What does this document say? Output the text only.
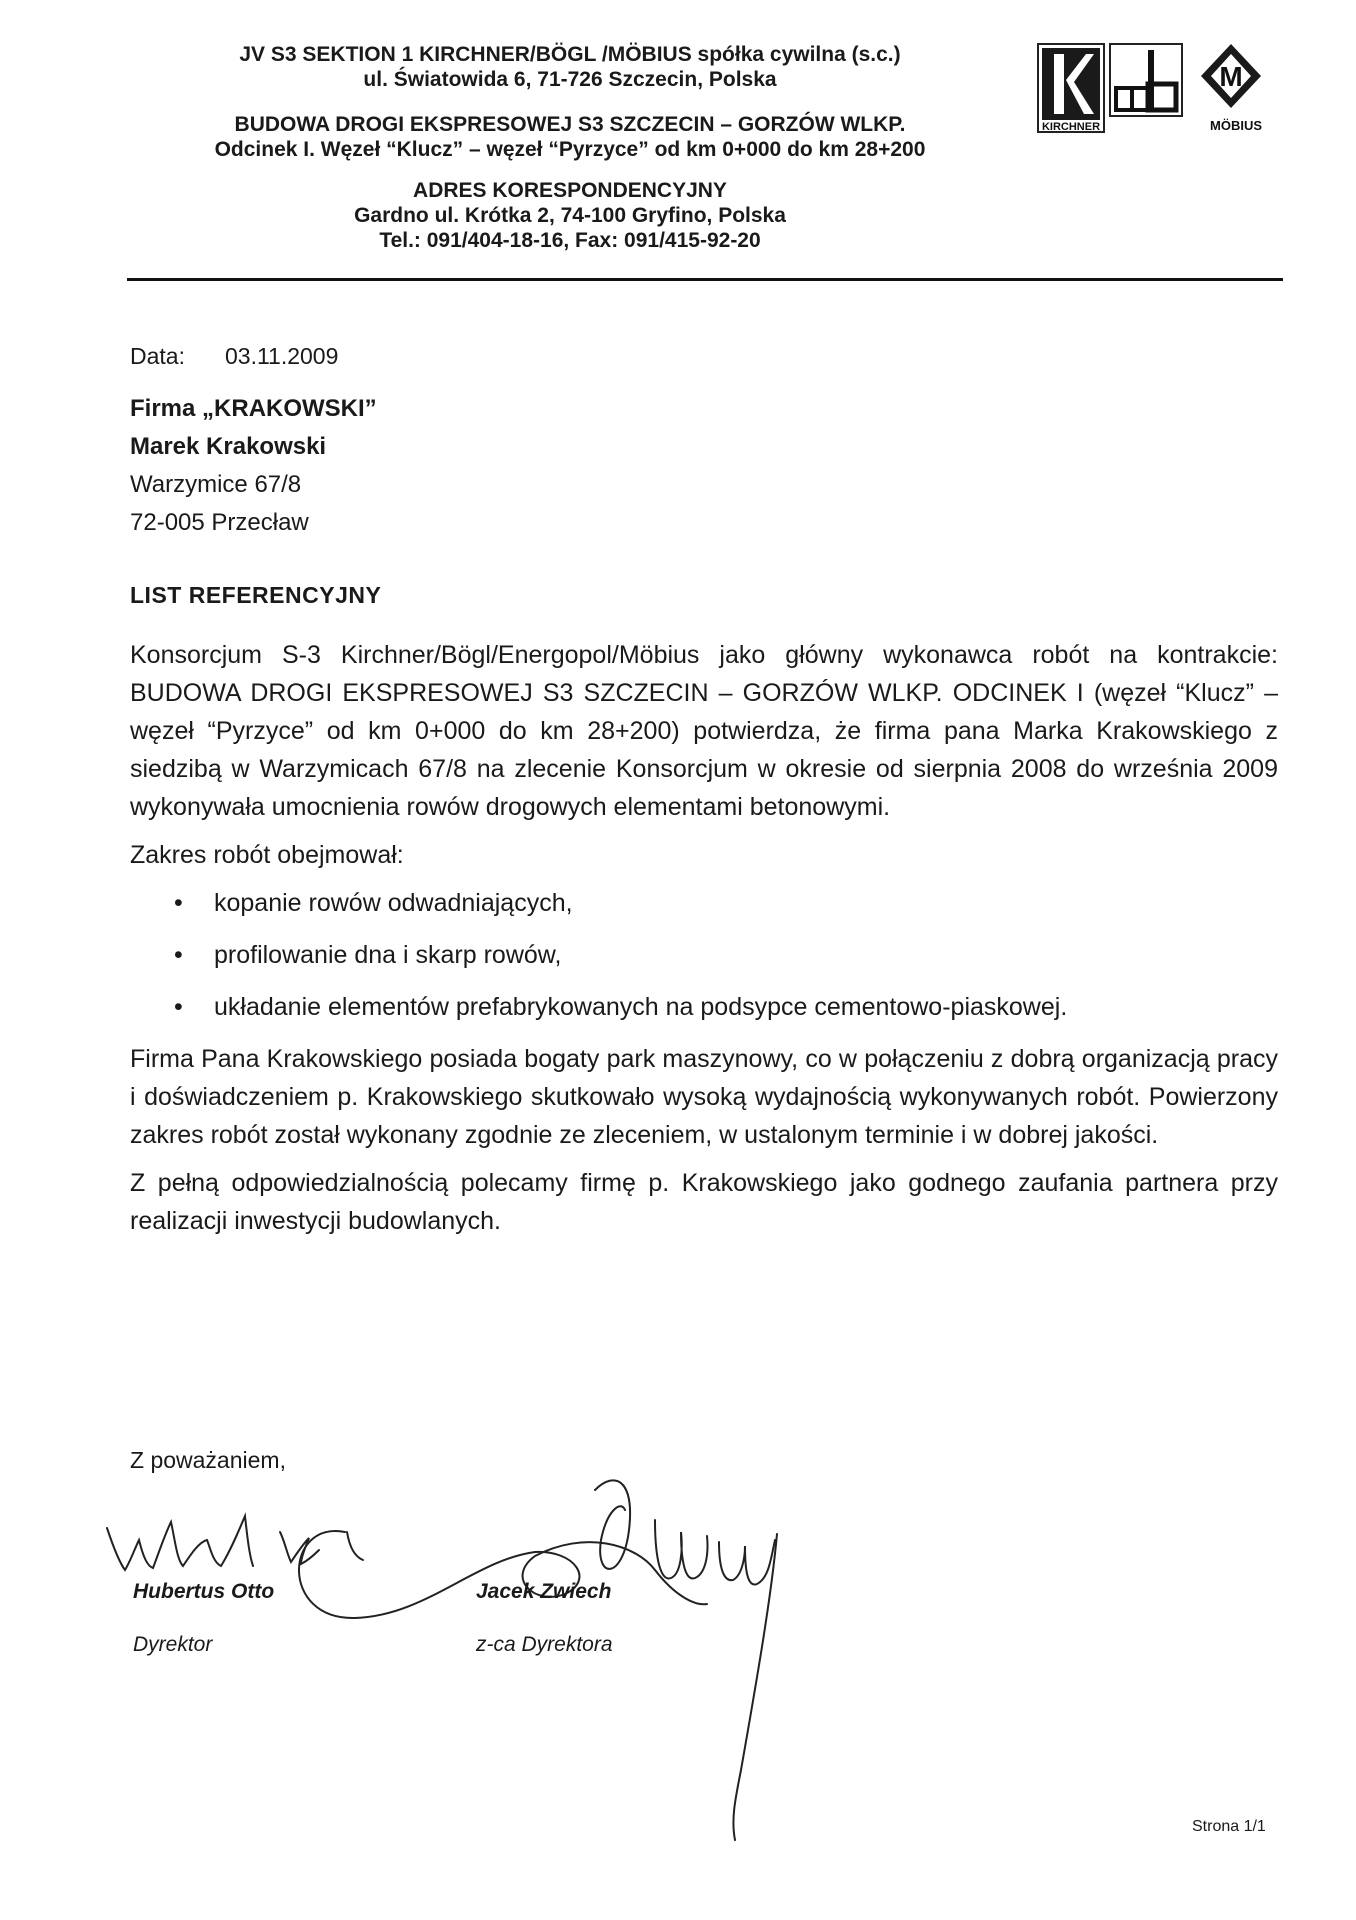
JV S3 SEKTION 1 KIRCHNER/BÖGL /MÖBIUS spółka cywilna (s.c.)
ul. Światowida 6, 71-726 Szczecin, Polska
BUDOWA DROGI EKSPRESOWEJ S3 SZCZECIN – GORZÓW WLKP.
Odcinek I. Węzeł “Klucz” – węzeł “Pyrzyce” od km 0+000 do km 28+200
ADRES KORESPONDENCYJNY
Gardno ul. Krótka 2, 74-100 Gryfino, Polska
Tel.: 091/404-18-16, Fax: 091/415-92-20
KIRCHNER
M
MÖBIUS
Data: 03.11.2009
Firma „KRAKOWSKI”
Marek Krakowski
Warzymice 67/8
72-005 Przecław
LIST REFERENCYJNY

Konsorcjum S-3 Kirchner/Bögl/Energopol/Möbius jako główny wykonawca robót na kontrakcie: BUDOWA DROGI EKSPRESOWEJ S3 SZCZECIN – GORZÓW WLKP. ODCINEK I (węzeł “Klucz” – węzeł “Pyrzyce” od km 0+000 do km 28+200) potwierdza, że firma pana Marka Krakowskiego z siedzibą w Warzymicach 67/8 na zlecenie Konsorcjum w okresie od sierpnia 2008 do września 2009 wykonywała umocnienia rowów drogowych elementami betonowymi.

Zakres robót obejmował:

• kopanie rowów odwadniających,
• profilowanie dna i skarp rowów,
• układanie elementów prefabrykowanych na podsypce cementowo-piaskowej.

Firma Pana Krakowskiego posiada bogaty park maszynowy, co w połączeniu z dobrą organizacją pracy i doświadczeniem p. Krakowskiego skutkowało wysoką wydajnością wykonywanych robót. Powierzony zakres robót został wykonany zgodnie ze zleceniem, w ustalonym terminie i w dobrej jakości.

Z pełną odpowiedzialnością polecamy firmę p. Krakowskiego jako godnego zaufania partnera przy realizacji inwestycji budowlanych.

Z poważaniem,
Hubertus Otto
Dyrektor
Jacek Zwiech
z-ca Dyrektora
Strona 1/1
